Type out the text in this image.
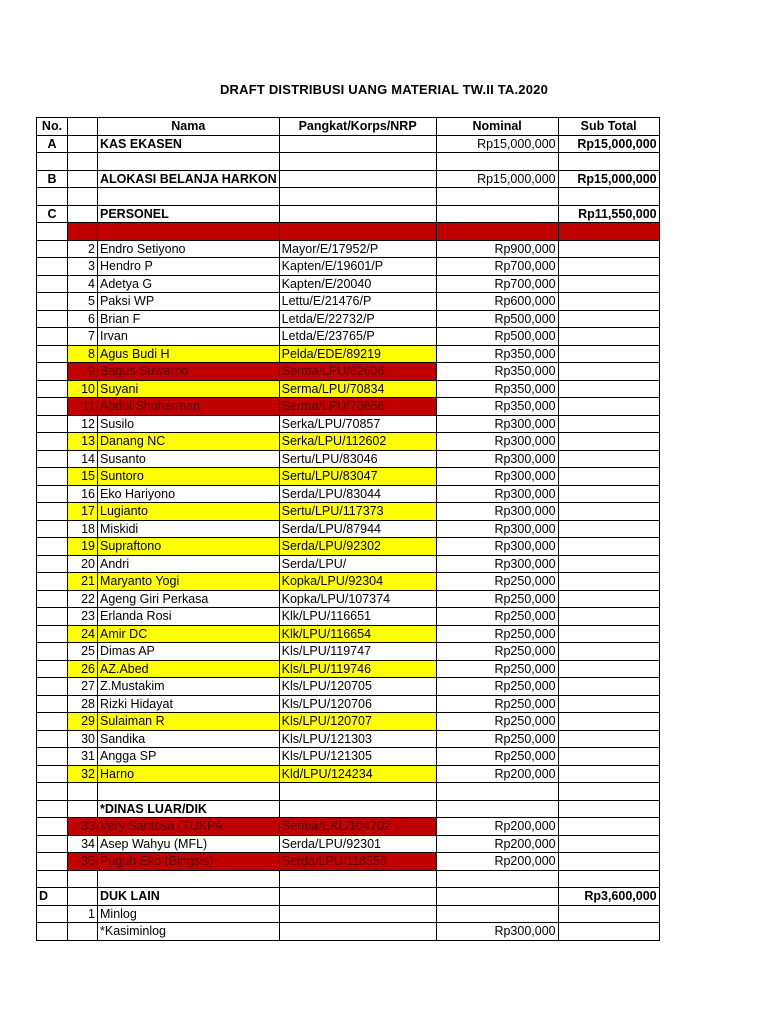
DRAFT DISTRIBUSI UANG MATERIAL TW.II TA.2020
No.		Nama	Pangkat/Korps/NRP	Nominal	Sub Total
A		KAS EKASEN		Rp15,000,000	Rp15,000,000

B		ALOKASI BELANJA HARKON		Rp15,000,000	Rp15,000,000

C		PERSONEL			Rp11,550,000

	2	Endro Setiyono	Mayor/E/17952/P	Rp900,000	
	3	Hendro P	Kapten/E/19601/P	Rp700,000	
	4	Adetya G	Kapten/E/20040	Rp700,000	
	5	Paksi WP	Lettu/E/21476/P	Rp600,000	
	6	Brian F	Letda/E/22732/P	Rp500,000	
	7	Irvan	Letda/E/23765/P	Rp500,000	
	8	Agus Budi H	Pelda/EDE/89219	Rp350,000	
	9	Bagus Suwarno	Serma/LPU/62606	Rp350,000	
	10	Suyani	Serma/LPU/70834	Rp350,000	
	11	Abdul Shuherman	Serma/LPU/70856	Rp350,000	
	12	Susilo	Serka/LPU/70857	Rp300,000	
	13	Danang NC	Serka/LPU/112602	Rp300,000	
	14	Susanto	Sertu/LPU/83046	Rp300,000	
	15	Suntoro	Sertu/LPU/83047	Rp300,000	
	16	Eko Hariyono	Serda/LPU/83044	Rp300,000	
	17	Lugianto	Sertu/LPU/117373	Rp300,000	
	18	Miskidi	Serda/LPU/87944	Rp300,000	
	19	Supraftono	Serda/LPU/92302	Rp300,000	
	20	Andri	Serda/LPU/	Rp300,000	
	21	Maryanto Yogi	Kopka/LPU/92304	Rp250,000	
	22	Ageng Giri Perkasa	Kopka/LPU/107374	Rp250,000	
	23	Erlanda Rosi	Klk/LPU/116651	Rp250,000	
	24	Amir DC	Klk/LPU/116654	Rp250,000	
	25	Dimas AP	Kls/LPU/119747	Rp250,000	
	26	AZ.Abed	Kls/LPU/119746	Rp250,000	
	27	Z.Mustakim	Kls/LPU/120705	Rp250,000	
	28	Rizki Hidayat	Kls/LPU/120706	Rp250,000	
	29	Sulaiman R	Kls/LPU/120707	Rp250,000	
	30	Sandika	Kls/LPU/121303	Rp250,000	
	31	Angga SP	Kls/LPU/121305	Rp250,000	
	32	Harno	Kld/LPU/124234	Rp200,000	

		*DINAS LUAR/DIK			
	33	Very Santosa (TUKPA	Serma/EKL/104702	Rp200,000	
	34	Asep Wahyu (MFL)	Serda/LPU/92301	Rp200,000	
	35	Puguh Eko (Bingsis)	Serda/LPU/118356	Rp200,000	

D		DUK LAIN			Rp3,600,000
	1	Minlog			
		*Kasiminlog		Rp300,000	
